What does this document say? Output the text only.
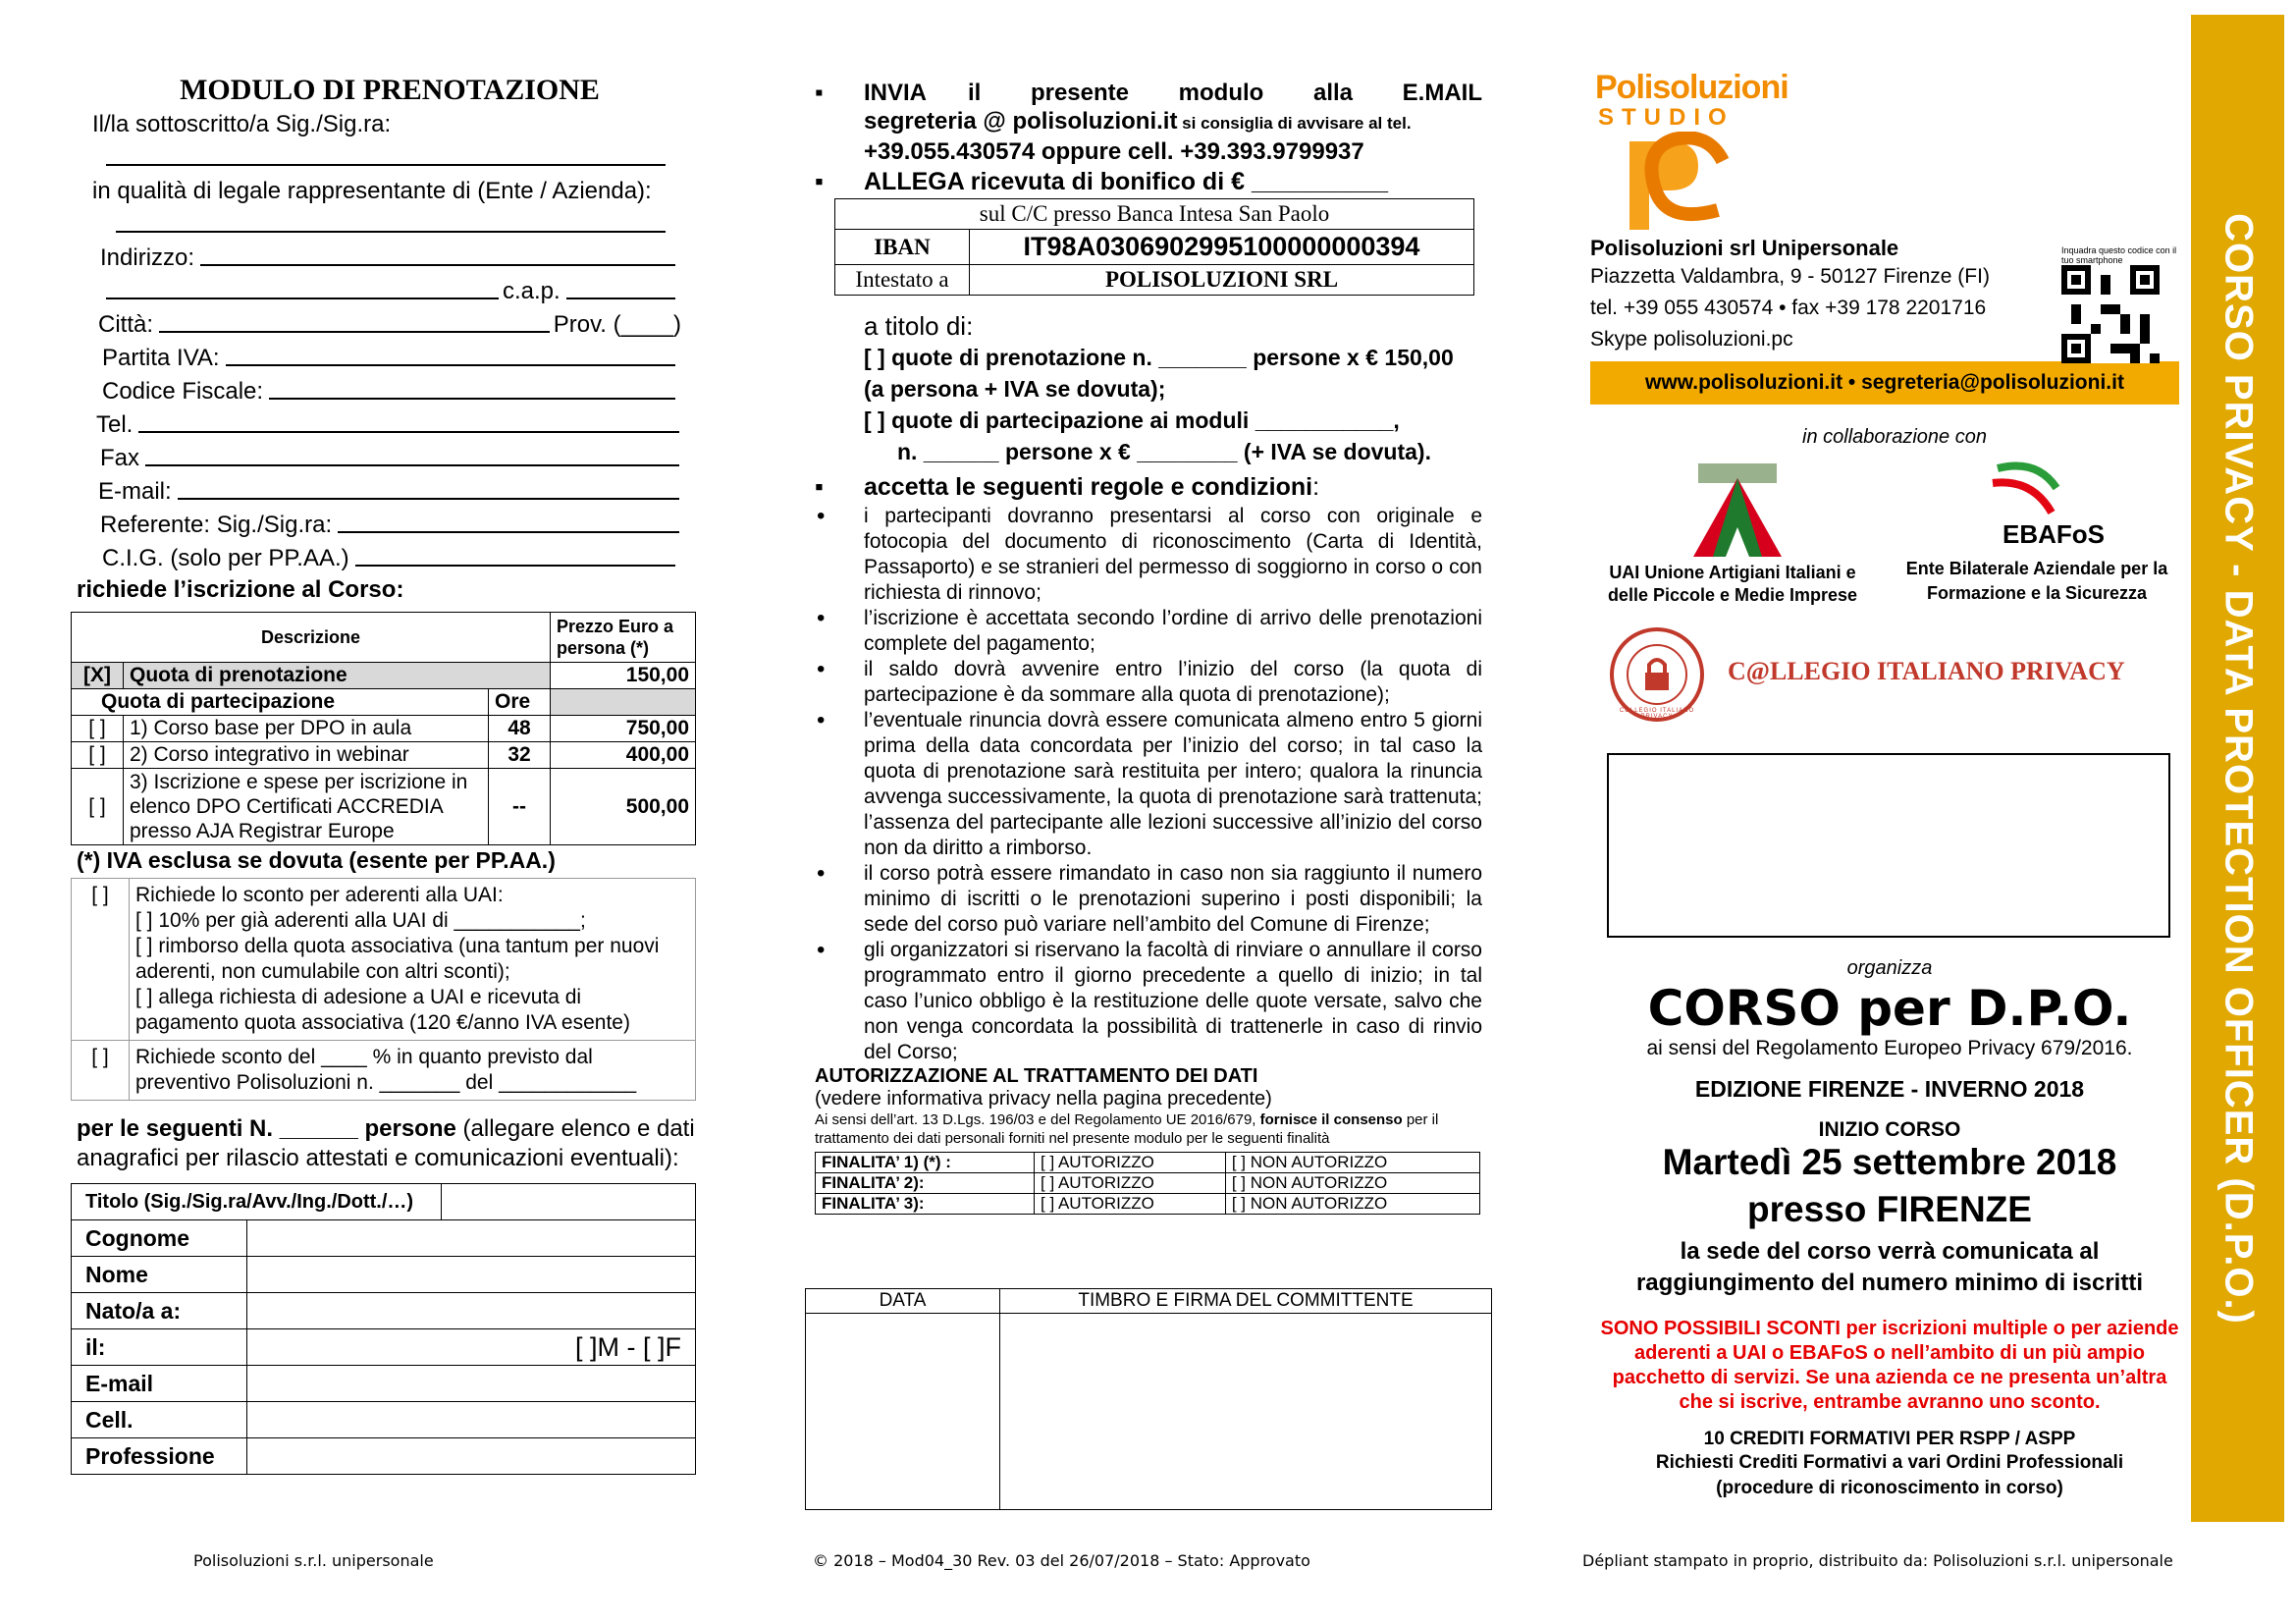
MODULO DI PRENOTAZIONE
Il/la sottoscritto/a Sig./Sig.ra:
in qualità di legale rappresentante di (Ente / Azienda):
Indirizzo:
c.a.p.
Città:	Prov. (____)
Partita IVA:
Codice Fiscale:
Tel.
Fax
E-mail:
Referente: Sig./Sig.ra:
C.I.G. (solo per PP.AA.)
richiede l’iscrizione al Corso:
Descrizione			Prezzo Euro a persona (*)
[X]	Quota di prenotazione		150,00
Quota di partecipazione		Ore	
[ ]	1) Corso base per DPO in aula	48	750,00
[ ]	2) Corso integrativo in webinar	32	400,00
[ ]	3) Iscrizione e spese per iscrizione in elenco DPO Certificati ACCREDIA presso AJA Registrar Europe	--	500,00
(*) IVA esclusa se dovuta (esente per PP.AA.)
[ ]	Richiede lo sconto per aderenti alla UAI:
[ ] 10% per già aderenti alla UAI di ___________;
[ ] rimborso della quota associativa (una tantum per nuovi aderenti, non cumulabile con altri sconti);
[ ] allega richiesta di adesione a UAI e ricevuta di pagamento quota associativa (120 €/anno IVA esente)

[ ]	Richiede sconto del ____ % in quanto previsto dal preventivo Polisoluzioni n. _______ del ____________
per le seguenti N. ______ persone (allegare elenco e dati anagrafici per rilascio attestati e comunicazioni eventuali):
Titolo (Sig./Sig.ra/Avv./Ing./Dott./…)		
Cognome		
Nome		
Nato/a a:		
il:	[ ]M - [ ]F	
E-mail		
Cell.		
Professione		
▪ INVIA il presente modulo alla E.MAIL
segreteria @ polisoluzioni.it si consiglia di avvisare al tel.
+39.055.430574 oppure cell. +39.393.9799937
▪ ALLEGA ricevuta di bonifico di € __________
sul C/C presso Banca Intesa San Paolo	
IBAN	IT98A0306902995100000000394
Intestato a	POLISOLUZIONI SRL
a titolo di:
[ ] quote di prenotazione n. _______ persone x € 150,00
(a persona + IVA se dovuta);
[ ] quote di partecipazione ai moduli ___________,
n. ______ persone x € ________ (+ IVA se dovuta).
▪ accetta le seguenti regole e condizioni:
• i partecipanti dovranno presentarsi al corso con originale e fotocopia del documento di riconoscimento (Carta di Identità, Passaporto) e se stranieri del permesso di soggiorno in corso o con richiesta di rinnovo;
• l’iscrizione è accettata secondo l’ordine di arrivo delle prenotazioni complete del pagamento;
• il saldo dovrà avvenire entro l’inizio del corso (la quota di partecipazione è da sommare alla quota di prenotazione);
• l’eventuale rinuncia dovrà essere comunicata almeno entro 5 giorni prima della data concordata per l’inizio del corso; in tal caso la quota di prenotazione sarà restituita per intero; qualora la rinuncia avvenga successivamente, la quota di prenotazione sarà trattenuta; l’assenza del partecipante alle lezioni successive all’inizio del corso non da diritto a rimborso.
• il corso potrà essere rimandato in caso non sia raggiunto il numero minimo di iscritti o le prenotazioni superino i posti disponibili; la sede del corso può variare nell’ambito del Comune di Firenze;
• gli organizzatori si riservano la facoltà di rinviare o annullare il corso programmato entro il giorno precedente a quello di inizio; in tal caso l’unico obbligo è la restituzione delle quote versate, salvo che non venga concordata la possibilità di trattenerle in caso di rinvio del Corso;
AUTORIZZAZIONE AL TRATTAMENTO DEI DATI
(vedere informativa privacy nella pagina precedente)
Ai sensi dell’art. 13 D.Lgs. 196/03 e del Regolamento UE 2016/679, fornisce il consenso per il trattamento dei dati personali forniti nel presente modulo per le seguenti finalità
FINALITA’ 1) (*) :	[ ] AUTORIZZO	[ ] NON AUTORIZZO
FINALITA’ 2):	[ ] AUTORIZZO	[ ] NON AUTORIZZO
FINALITA’ 3):	[ ] AUTORIZZO	[ ] NON AUTORIZZO
DATA	TIMBRO E FIRMA DEL COMMITTENTE

Polisoluzioni
STUDIO
Polisoluzioni srl Unipersonale
Piazzetta Valdambra, 9 - 50127 Firenze (FI)
tel. +39 055 430574 • fax +39 178 2201716
Skype polisoluzioni.pc
Inquadra questo codice con il tuo smartphone
www.polisoluzioni.it • segreteria@polisoluzioni.it
in collaborazione con
UAI Unione Artigiani Italiani e delle Piccole e Medie Imprese
EBAFoS
Ente Bilaterale Aziendale per la Formazione e la Sicurezza
C@LLEGIO ITALIANO PRIVACY
COLLEGIO ITALIANO PRIVACY
organizza
CORSO per D.P.O.
ai sensi del Regolamento Europeo Privacy 679/2016.
EDIZIONE FIRENZE - INVERNO 2018
INIZIO CORSO
Martedì 25 settembre 2018
presso FIRENZE
la sede del corso verrà comunicata al raggiungimento del numero minimo di iscritti
SONO POSSIBILI SCONTI per iscrizioni multiple o per aziende aderenti a UAI o EBAFoS o nell’ambito di un più ampio pacchetto di servizi. Se una azienda ce ne presenta un’altra che si iscrive, entrambe avranno uno sconto.
10 CREDITI FORMATIVI PER RSPP / ASPP
Richiesti Crediti Formativi a vari Ordini Professionali
(procedure di riconoscimento in corso)
CORSO PRIVACY - DATA PROTECTION OFFICER (D.P.O.)
Polisoluzioni s.r.l. unipersonale	© 2018 – Mod04_30 Rev. 03 del 26/07/2018 – Stato: Approvato	Dépliant stampato in proprio, distribuito da: Polisoluzioni s.r.l. unipersonale
